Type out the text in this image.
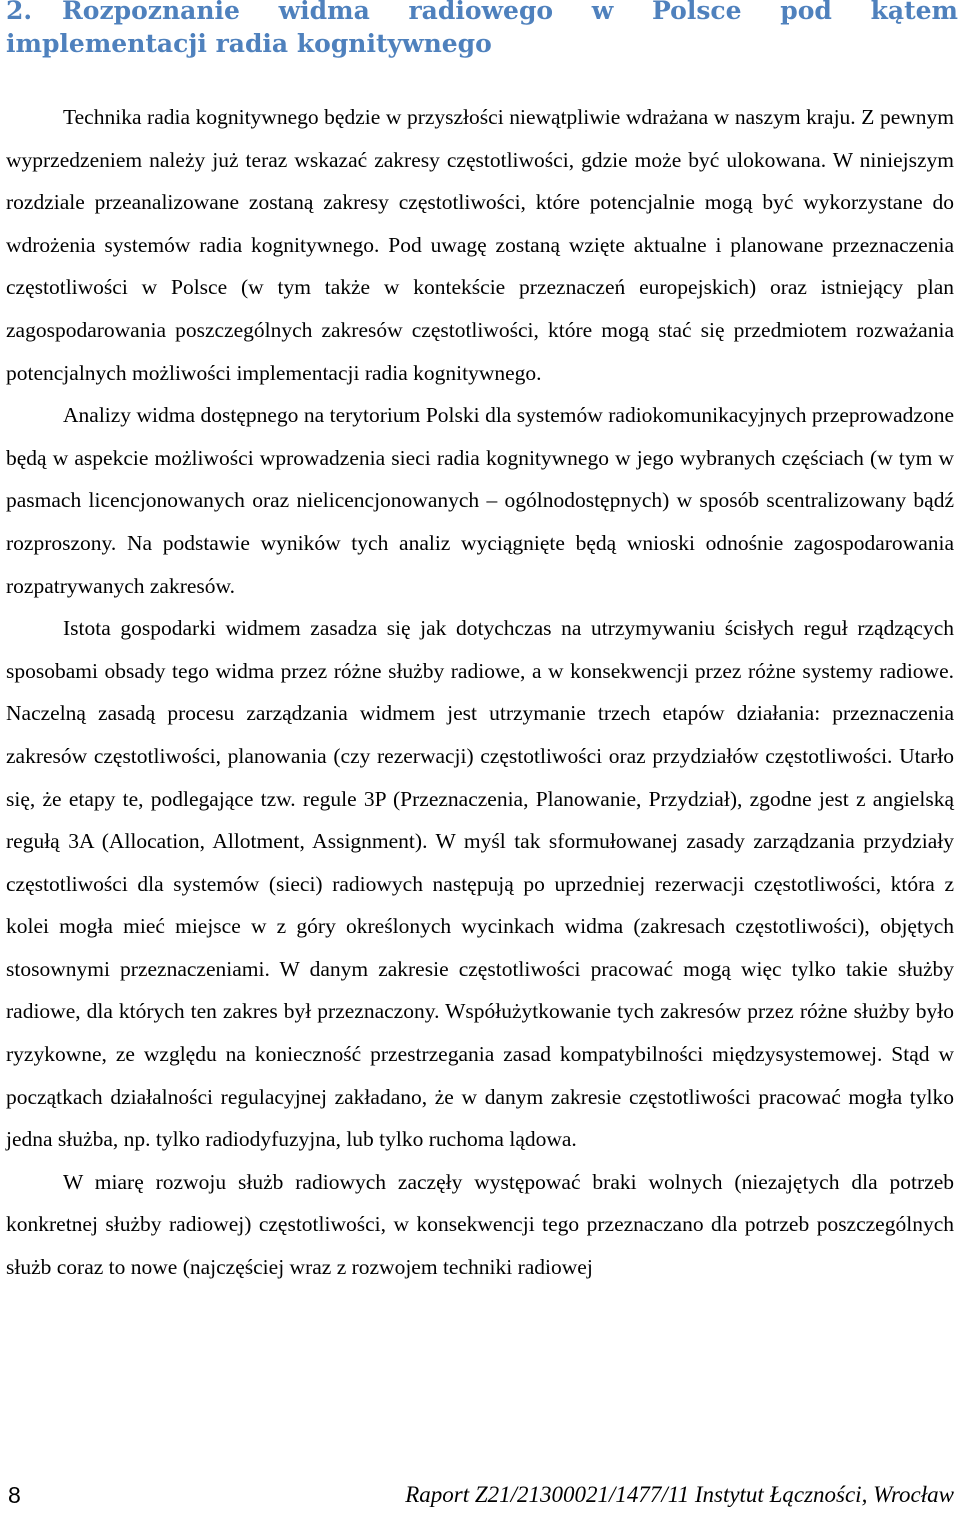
2. Rozpoznanie widma radiowego w Polsce pod kątem implementacji radia kognitywnego

Technika radia kognitywnego będzie w przyszłości niewątpliwie wdrażana w naszym kraju. Z pewnym wyprzedzeniem należy już teraz wskazać zakresy częstotliwości, gdzie może być ulokowana. W niniejszym rozdziale przeanalizowane zostaną zakresy częstotliwości, które potencjalnie mogą być wykorzystane do wdrożenia systemów radia kognitywnego. Pod uwagę zostaną wzięte aktualne i planowane przeznaczenia częstotliwości w Polsce (w tym także w kontekście przeznaczeń europejskich) oraz istniejący plan zagospodarowania poszczególnych zakresów częstotliwości, które mogą stać się przedmiotem rozważania potencjalnych możliwości implementacji radia kognitywnego.

Analizy widma dostępnego na terytorium Polski dla systemów radiokomunikacyjnych przeprowadzone będą w aspekcie możliwości wprowadzenia sieci radia kognitywnego w jego wybranych częściach (w tym w pasmach licencjonowanych oraz nielicencjonowanych – ogólnodostępnych) w sposób scentralizowany bądź rozproszony. Na podstawie wyników tych analiz wyciągnięte będą wnioski odnośnie zagospodarowania rozpatrywanych zakresów.

Istota gospodarki widmem zasadza się jak dotychczas na utrzymywaniu ścisłych reguł rządzących sposobami obsady tego widma przez różne służby radiowe, a w konsekwencji przez różne systemy radiowe. Naczelną zasadą procesu zarządzania widmem jest utrzymanie trzech etapów działania: przeznaczenia zakresów częstotliwości, planowania (czy rezerwacji) częstotliwości oraz przydziałów częstotliwości. Utarło się, że etapy te, podlegające tzw. regule 3P (Przeznaczenia, Planowanie, Przydział), zgodne jest z angielską regułą 3A (Allocation, Allotment, Assignment). W myśl tak sformułowanej zasady zarządzania przydziały częstotliwości dla systemów (sieci) radiowych następują po uprzedniej rezerwacji częstotliwości, która z kolei mogła mieć miejsce w z góry określonych wycinkach widma (zakresach częstotliwości), objętych stosownymi przeznaczeniami. W danym zakresie częstotliwości pracować mogą więc tylko takie służby radiowe, dla których ten zakres był przeznaczony. Współużytkowanie tych zakresów przez różne służby było ryzykowne, ze względu na konieczność przestrzegania zasad kompatybilności międzysystemowej. Stąd w początkach działalności regulacyjnej zakładano, że w danym zakresie częstotliwości pracować mogła tylko jedna służba, np. tylko radiodyfuzyjna, lub tylko ruchoma lądowa.

W miarę rozwoju służb radiowych zaczęły występować braki wolnych (niezajętych dla potrzeb konkretnej służby radiowej) częstotliwości, w konsekwencji tego przeznaczano dla potrzeb poszczególnych służb coraz to nowe (najczęściej wraz z rozwojem techniki radiowej

8	Raport Z21/21300021/1477/11 Instytut Łączności, Wrocław
